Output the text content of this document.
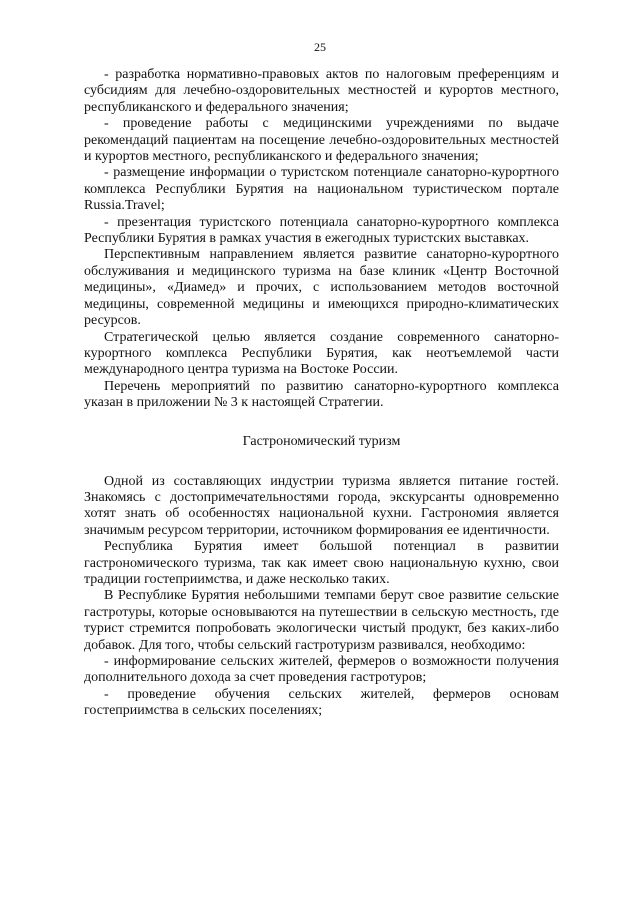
25

- разработка нормативно-правовых актов по налоговым преференциям и субсидиям для лечебно-оздоровительных местностей и курортов местного, республиканского и федерального значения;

- проведение работы с медицинскими учреждениями по выдаче рекомендаций пациентам на посещение лечебно-оздоровительных местностей и курортов местного, республиканского и федерального значения;

- размещение информации о туристском потенциале санаторно-курортного комплекса Республики Бурятия на национальном туристическом портале Russia.Travel;

- презентация туристского потенциала санаторно-курортного комплекса Республики Бурятия в рамках участия в ежегодных туристских выставках.

Перспективным направлением является развитие санаторно-курортного обслуживания и медицинского туризма на базе клиник «Центр Восточной медицины», «Диамед» и прочих, с использованием методов восточной медицины, современной медицины и имеющихся природно-климатических ресурсов.

Стратегической целью является создание современного санаторно-курортного комплекса Республики Бурятия, как неотъемлемой части международного центра туризма на Востоке России.

Перечень мероприятий по развитию санаторно-курортного комплекса указан в приложении № 3 к настоящей Стратегии.

Гастрономический туризм

Одной из составляющих индустрии туризма является питание гостей. Знакомясь с достопримечательностями города, экскурсанты одновременно хотят знать об особенностях национальной кухни. Гастрономия является значимым ресурсом территории, источником формирования ее идентичности.

Республика Бурятия имеет большой потенциал в развитии гастрономического туризма, так как имеет свою национальную кухню, свои традиции гостеприимства, и даже несколько таких.

В Республике Бурятия небольшими темпами берут свое развитие сельские гастротуры, которые основываются на путешествии в сельскую местность, где турист стремится попробовать экологически чистый продукт, без каких-либо добавок. Для того, чтобы сельский гастротуризм развивался, необходимо:

- информирование сельских жителей, фермеров о возможности получения дополнительного дохода за счет проведения гастротуров;

- проведение обучения сельских жителей, фермеров основам гостеприимства в сельских поселениях;
